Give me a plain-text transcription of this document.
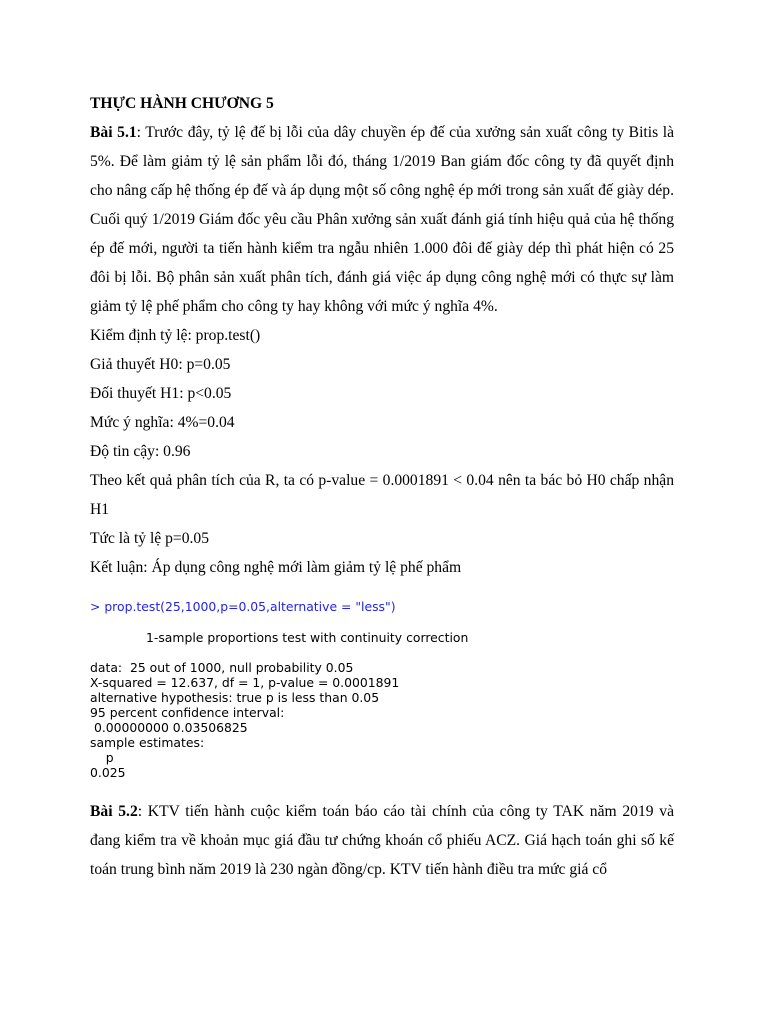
THỰC HÀNH CHƯƠNG 5

Bài 5.1: Trước đây, tỷ lệ đế bị lỗi của dây chuyền ép đế của xưởng sản xuất công ty Bitis là 5%. Để làm giảm tỷ lệ sản phẩm lỗi đó, tháng 1/2019 Ban giám đốc công ty đã quyết định cho nâng cấp hệ thống ép đế và áp dụng một số công nghệ ép mới trong sản xuất đế giày dép. Cuối quý 1/2019 Giám đốc yêu cầu Phân xưởng sản xuất đánh giá tính hiệu quả của hệ thống ép đế mới, người ta tiến hành kiểm tra ngẫu nhiên 1.000 đôi đế giày dép thì phát hiện có 25 đôi bị lỗi. Bộ phân sản xuất phân tích, đánh giá việc áp dụng công nghệ mới có thực sự làm giảm tỷ lệ phế phẩm cho công ty hay không với mức ý nghĩa 4%.

Kiểm định tỷ lệ: prop.test()

Giả thuyết H0: p=0.05

Đối thuyết H1: p<0.05

Mức ý nghĩa: 4%=0.04

Độ tin cậy: 0.96

Theo kết quả phân tích của R, ta có p-value = 0.0001891 < 0.04 nên ta bác bỏ H0 chấp nhận H1

Tức là tỷ lệ p=0.05

Kết luận: Áp dụng công nghệ mới làm giảm tỷ lệ phế phẩm

> prop.test(25,1000,p=0.05,alternative = "less")

1-sample proportions test with continuity correction

data:  25 out of 1000, null probability 0.05

X-squared = 12.637, df = 1, p-value = 0.0001891

alternative hypothesis: true p is less than 0.05

95 percent confidence interval:

0.00000000 0.03506825

sample estimates:

p

0.025

Bài 5.2: KTV tiến hành cuộc kiểm toán báo cáo tài chính của công ty TAK năm 2019 và đang kiểm tra về khoản mục giá đầu tư chứng khoán cổ phiếu ACZ. Giá hạch toán ghi số kế toán trung bình năm 2019 là 230 ngàn đồng/cp. KTV tiến hành điều tra mức giá cổ
